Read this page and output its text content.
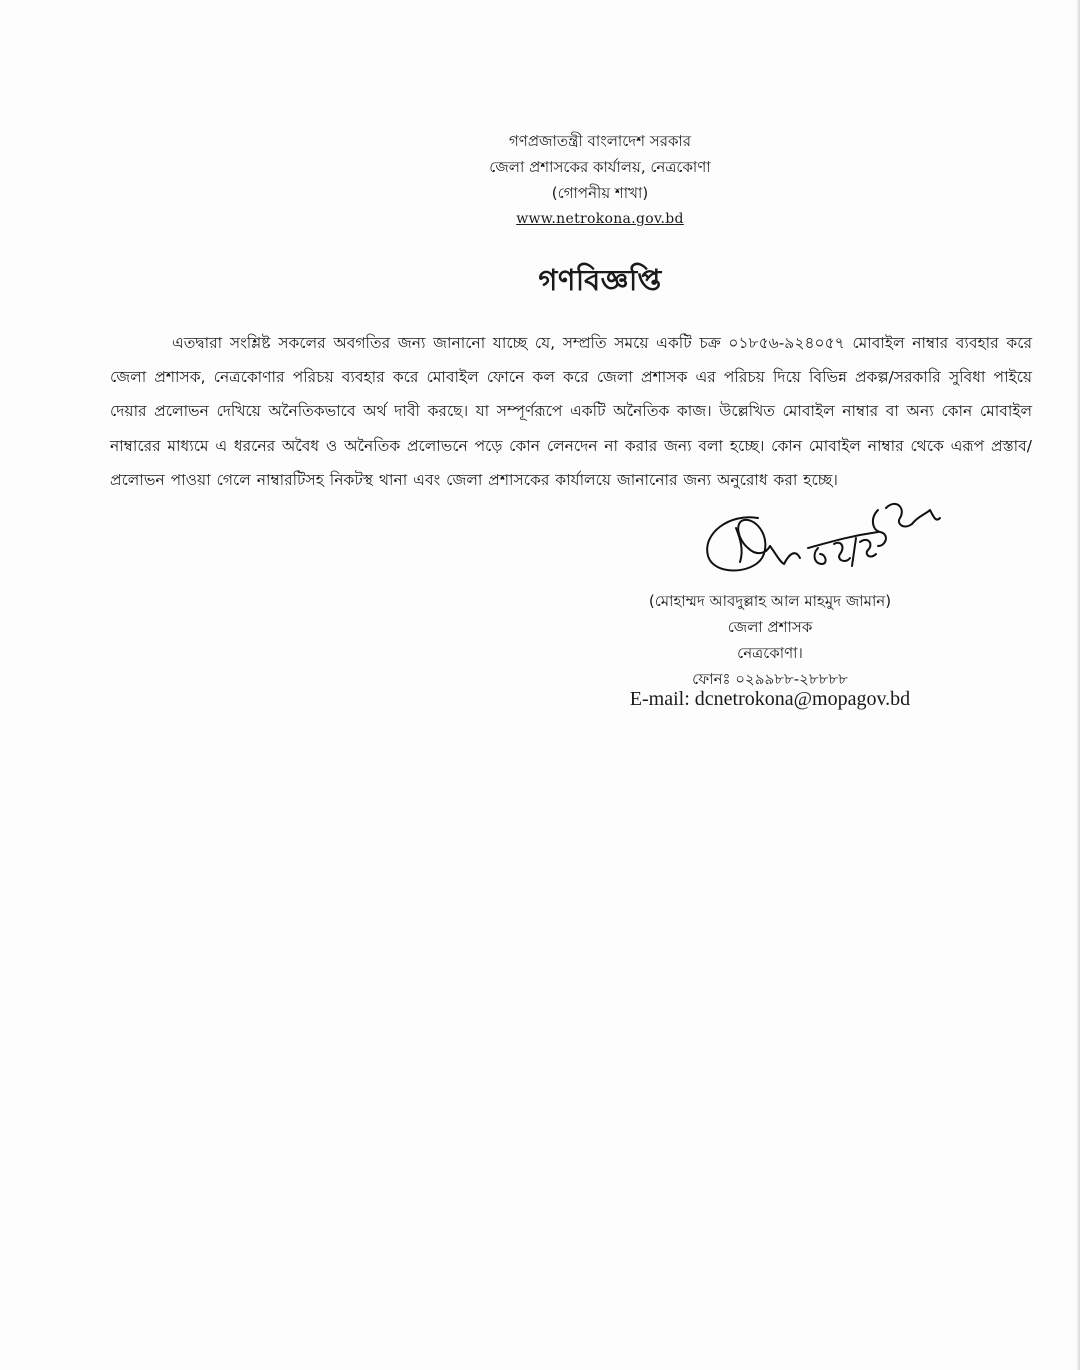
গণপ্রজাতন্ত্রী বাংলাদেশ সরকার
জেলা প্রশাসকের কার্যালয়, নেত্রকোণা
(গোপনীয় শাখা)
www.netrokona.gov.bd
গণবিজ্ঞপ্তি
এতদ্বারা সংশ্লিষ্ট সকলের অবগতির জন্য জানানো যাচ্ছে যে, সম্প্রতি সময়ে একটি চক্র ০১৮৫৬-৯২৪০৫৭ মোবাইল নাম্বার ব্যবহার করে জেলা প্রশাসক, নেত্রকোণার পরিচয় ব্যবহার করে মোবাইল ফোনে কল করে জেলা প্রশাসক এর পরিচয় দিয়ে বিভিন্ন প্রকল্প/সরকারি সুবিধা পাইয়ে দেয়ার প্রলোভন দেখিয়ে অনৈতিকভাবে অর্থ দাবী করছে। যা সম্পূর্ণরূপে একটি অনৈতিক কাজ। উল্লেখিত মোবাইল নাম্বার বা অন্য কোন মোবাইল নাম্বারের মাধ্যমে এ ধরনের অবৈধ ও অনৈতিক প্রলোভনে পড়ে কোন লেনদেন না করার জন্য বলা হচ্ছে। কোন মোবাইল নাম্বার থেকে এরূপ প্রস্তাব/প্রলোভন পাওয়া গেলে নাম্বারটিসহ নিকটস্থ থানা এবং জেলা প্রশাসকের কার্যালয়ে জানানোর জন্য অনুরোধ করা হচ্ছে।
(মোহাম্মদ আবদুল্লাহ আল মাহমুদ জামান)
জেলা প্রশাসক
নেত্রকোণা।
ফোনঃ ০২৯৯৮৮-২৮৮৮৮
E-mail: dcnetrokona@mopagov.bd
